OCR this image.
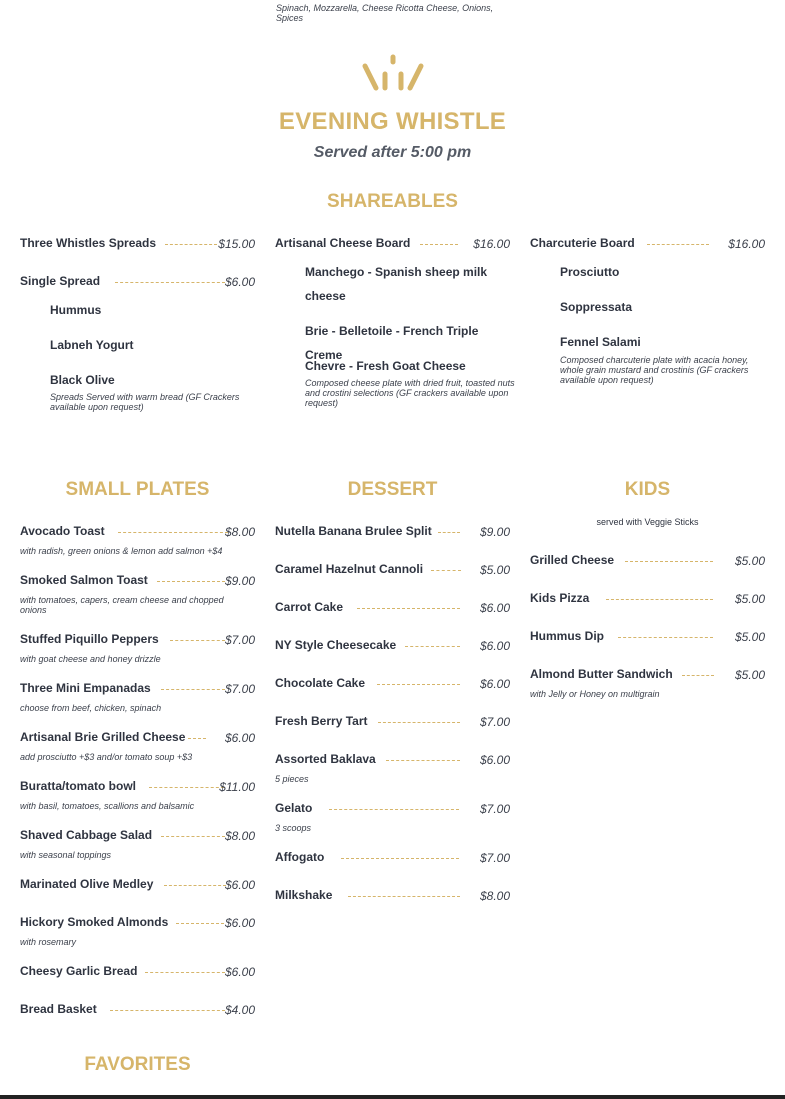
Spinach, Mozzarella, Cheese Ricotta Cheese, Onions, Spices
EVENING WHISTLE
Served after 5:00 pm
SHAREABLES
Three Whistles Spreads	$15.00
Single Spread	$6.00
Hummus
Labneh Yogurt
Black Olive
Spreads Served with warm bread (GF Crackers available upon request)
Artisanal Cheese Board	$16.00
Manchego - Spanish sheep milk cheese
Brie - Belletoile - French Triple Creme
Chevre - Fresh Goat Cheese
Composed cheese plate with dried fruit, toasted nuts and crostini selections (GF crackers available upon request)
Charcuterie Board	$16.00
Prosciutto
Soppressata
Fennel Salami
Composed charcuterie plate with acacia honey, whole grain mustard and crostinis (GF crackers available upon request)
SMALL PLATES	DESSERT	KIDS
served with Veggie Sticks
FAVORITES
Avocado Toast	$8.00
with radish, green onions & lemon add salmon +$4
Smoked Salmon Toast	$9.00
with tomatoes, capers, cream cheese and chopped onions
Stuffed Piquillo Peppers	$7.00
with goat cheese and honey drizzle
Three Mini Empanadas	$7.00
choose from beef, chicken, spinach
Artisanal Brie Grilled Cheese	$6.00
add prosciutto +$3 and/or tomato soup +$3
Buratta/tomato bowl	$11.00
with basil, tomatoes, scallions and balsamic
Shaved Cabbage Salad	$8.00
with seasonal toppings
Marinated Olive Medley	$6.00
Hickory Smoked Almonds	$6.00
with rosemary
Cheesy Garlic Bread	$6.00
Bread Basket	$4.00
Nutella Banana Brulee Split	$9.00
Caramel Hazelnut Cannoli	$5.00
Carrot Cake	$6.00
NY Style Cheesecake	$6.00
Chocolate Cake	$6.00
Fresh Berry Tart	$7.00
Assorted Baklava	$6.00
5 pieces
Gelato	$7.00
3 scoops
Affogato	$7.00
Milkshake	$8.00
Grilled Cheese	$5.00
Kids Pizza	$5.00
Hummus Dip	$5.00
Almond Butter Sandwich	$5.00
with Jelly or Honey on multigrain
